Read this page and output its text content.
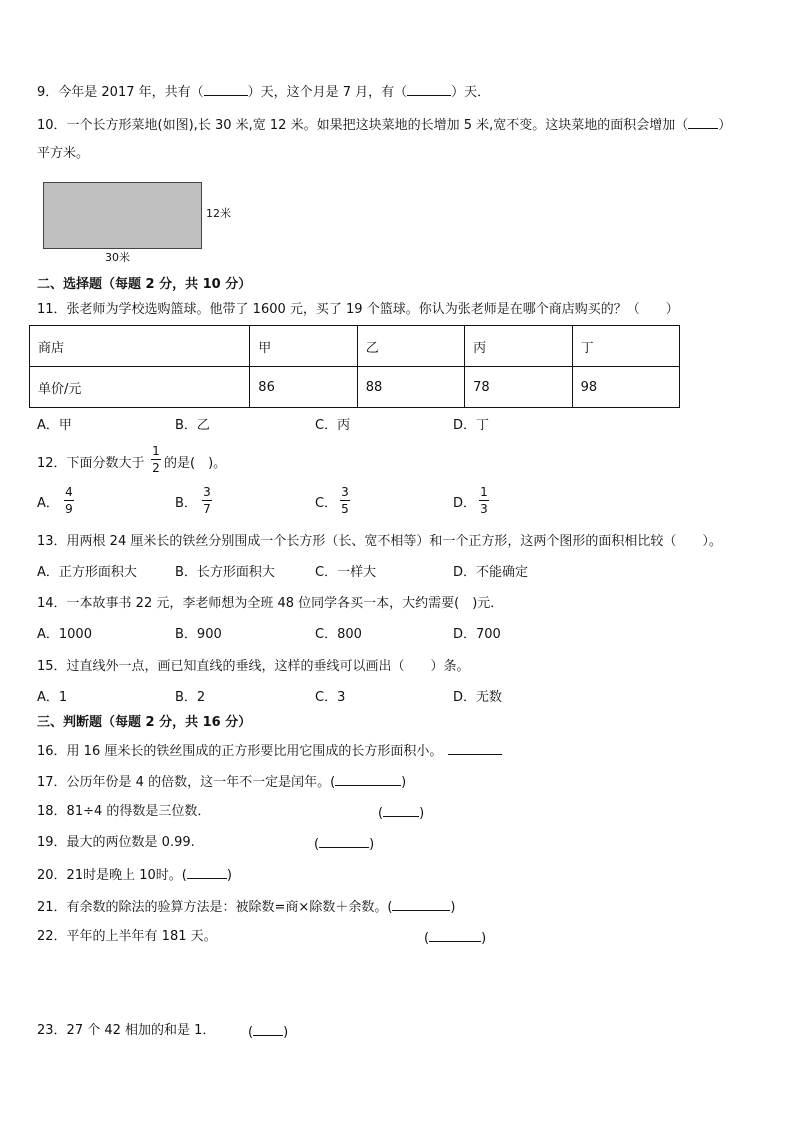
9．今年是 2017 年，共有（	）天，这个月是 7 月，有（	）天．
10．一个长方形菜地(如图),长 30 米,宽 12 米。如果把这块菜地的长增加 5 米,宽不变。这块菜地的面积会增加（ ）
平方米。
12米
30米
二、选择题（每题 2 分，共 10 分）
11．张老师为学校选购篮球。他带了 1600 元，买了 19 个篮球。你认为张老师是在哪个商店购买的？（　　）
商店	甲	乙	丙	丁
单价/元	86	88	78	98
A．甲	B．乙	C．丙	D．丁
12．下面分数大于
1
2 的是(　)。
A．
4
9	B．
3
7	C．
3
5	D．
1
3
13．用两根 24 厘米长的铁丝分别围成一个长方形（长、宽不相等）和一个正方形，这两个图形的面积相比较（　　）。
A．正方形面积大	B．长方形面积大	C．一样大	D．不能确定
14．一本故事书 22 元，李老师想为全班 48 位同学各买一本，大约需要(　)元．
A．1000	B．900	C．800	D．700
15．过直线外一点，画已知直线的垂线，这样的垂线可以画出（　　）条。
A．1	B．2	C．3	D．无数
三、判断题（每题 2 分，共 16 分）
16．用 16 厘米长的铁丝围成的正方形要比用它围成的长方形面积小。
17．公历年份是 4 的倍数，这一年不一定是闰年。(	)
18．81÷4 的得数是三位数．	(	)
19．最大的两位数是 0.99.	(	)
20．21时是晚上 10时。(	)
21．有余数的除法的验算方法是：被除数=商×除数＋余数。(	)
22．平年的上半年有 181 天。	(	)
23．27 个 42 相加的和是 1．	( )
